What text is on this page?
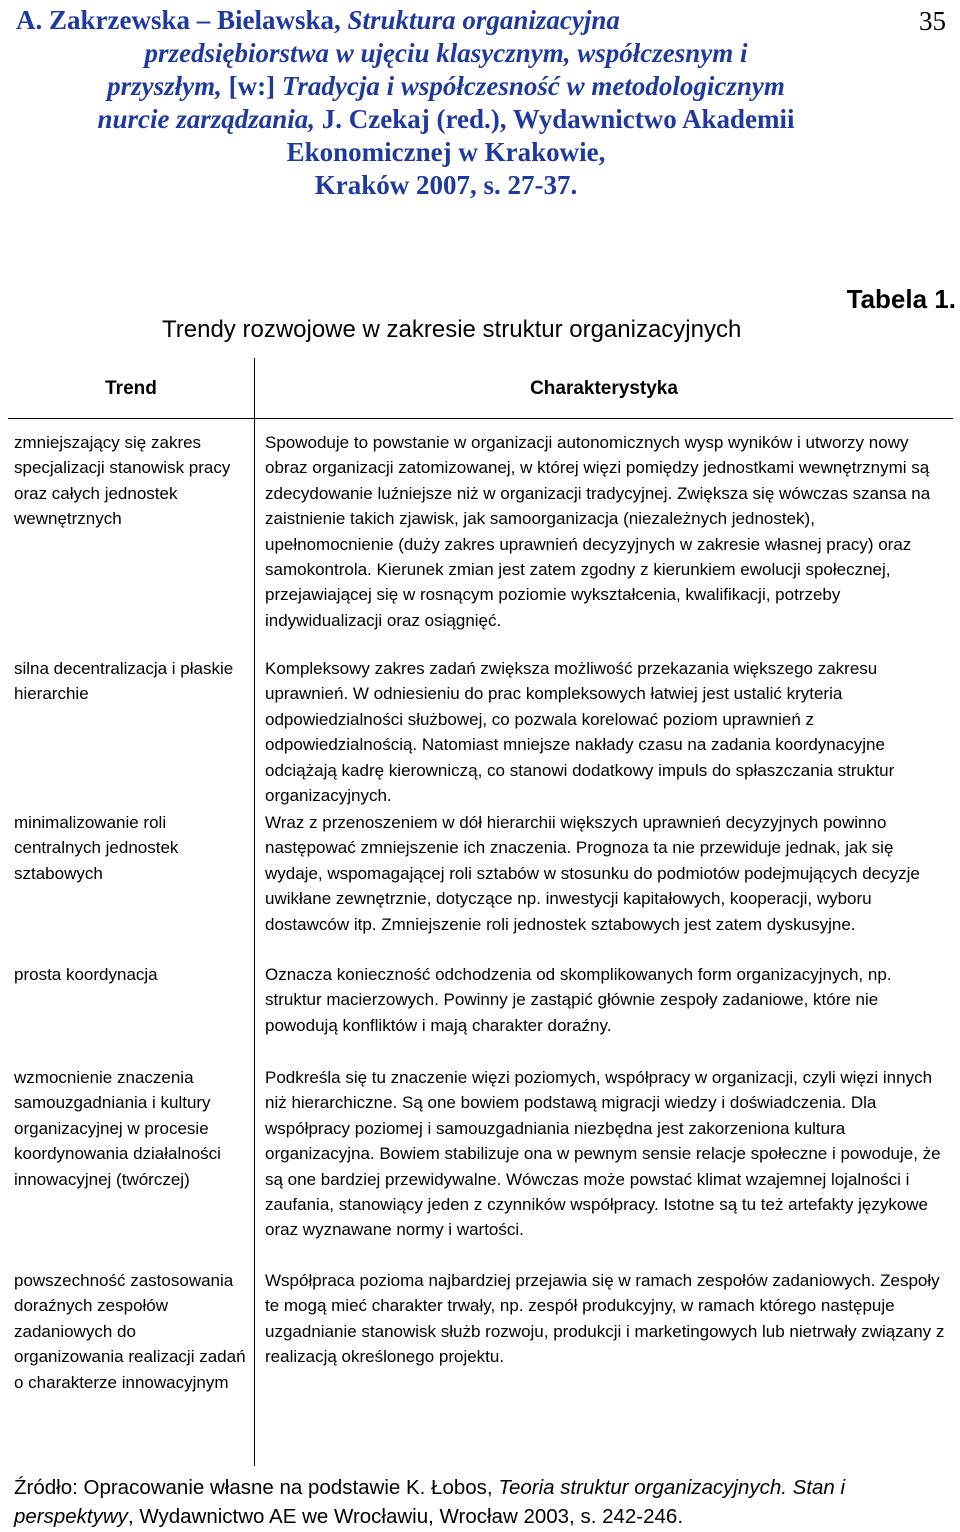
35
A. Zakrzewska – Bielawska, Struktura organizacyjna
przedsiębiorstwa w ujęciu klasycznym, współczesnym i
przyszłym, [w:] Tradycja i współczesność w metodologicznym
nurcie zarządzania, J. Czekaj (red.), Wydawnictwo Akademii
Ekonomicznej w Krakowie,
Kraków 2007, s. 27-37.
Tabela 1.
Trendy rozwojowe w zakresie struktur organizacyjnych
Trend	Charakterystyka
zmniejszający się zakres specjalizacji stanowisk pracy oraz całych jednostek wewnętrznych
Spowoduje to powstanie w organizacji autonomicznych wysp wyników i utworzy nowy obraz organizacji zatomizowanej, w której więzi pomiędzy jednostkami wewnętrznymi są zdecydowanie luźniejsze niż w organizacji tradycyjnej. Zwiększa się wówczas szansa na zaistnienie takich zjawisk, jak samoorganizacja (niezależnych jednostek), upełnomocnienie (duży zakres uprawnień decyzyjnych w zakresie własnej pracy) oraz samokontrola. Kierunek zmian jest zatem zgodny z kierunkiem ewolucji społecznej, przejawiającej się w rosnącym poziomie wykształcenia, kwalifikacji, potrzeby indywidualizacji oraz osiągnięć.
silna decentralizacja i płaskie hierarchie
Kompleksowy zakres zadań zwiększa możliwość przekazania większego zakresu uprawnień. W odniesieniu do prac kompleksowych łatwiej jest ustalić kryteria odpowiedzialności służbowej, co pozwala korelować poziom uprawnień z odpowiedzialnością. Natomiast mniejsze nakłady czasu na zadania koordynacyjne odciążają kadrę kierowniczą, co stanowi dodatkowy impuls do spłaszczania struktur organizacyjnych.
minimalizowanie roli centralnych jednostek sztabowych
Wraz z przenoszeniem w dół hierarchii większych uprawnień decyzyjnych powinno następować zmniejszenie ich znaczenia. Prognoza ta nie przewiduje jednak, jak się wydaje, wspomagającej roli sztabów w stosunku do podmiotów podejmujących decyzje uwikłane zewnętrznie, dotyczące np. inwestycji kapitałowych, kooperacji, wyboru dostawców itp. Zmniejszenie roli jednostek sztabowych jest zatem dyskusyjne.
prosta koordynacja	Oznacza konieczność odchodzenia od skomplikowanych form organizacyjnych, np. struktur macierzowych. Powinny je zastąpić głównie zespoły zadaniowe, które nie powodują konfliktów i mają charakter doraźny.
wzmocnienie znaczenia samouzgadniania i kultury organizacyjnej w procesie koordynowania działalności innowacyjnej (twórczej)
Podkreśla się tu znaczenie więzi poziomych, współpracy w organizacji, czyli więzi innych niż hierarchiczne. Są one bowiem podstawą migracji wiedzy i doświadczenia. Dla współpracy poziomej i samouzgadniania niezbędna jest zakorzeniona kultura organizacyjna. Bowiem stabilizuje ona w pewnym sensie relacje społeczne i powoduje, że są one bardziej przewidywalne. Wówczas może powstać klimat wzajemnej lojalności i zaufania, stanowiący jeden z czynników współpracy. Istotne są tu też artefakty językowe oraz wyznawane normy i wartości.
powszechność zastosowania doraźnych zespołów zadaniowych do organizowania realizacji zadań o charakterze innowacyjnym
Współpraca pozioma najbardziej przejawia się w ramach zespołów zadaniowych. Zespoły te mogą mieć charakter trwały, np. zespół produkcyjny, w ramach którego następuje uzgadnianie stanowisk służb rozwoju, produkcji i marketingowych lub nietrwały związany z realizacją określonego projektu.
Źródło: Opracowanie własne na podstawie K. Łobos, Teoria struktur organizacyjnych. Stan i perspektywy, Wydawnictwo AE we Wrocławiu, Wrocław 2003, s. 242-246.
